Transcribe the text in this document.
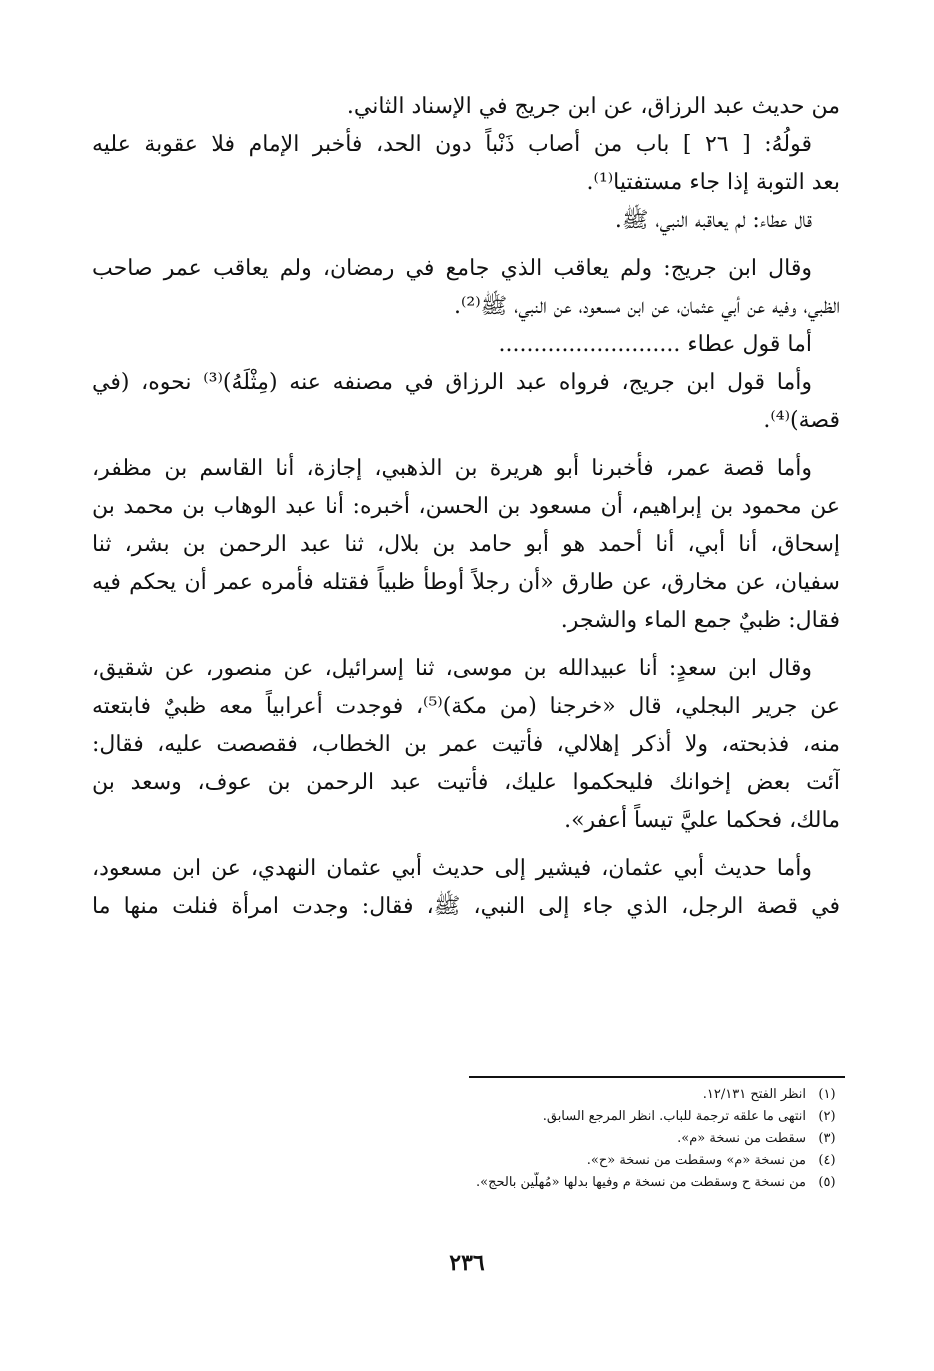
من حديث عبد الرزاق، عن ابن جريج في الإسناد الثاني.
قولُهُ: [ ٢٦ ] باب من أصاب ذَنْباً دون الحد، فأخبر الإمام فلا عقوبة عليه
بعد التوبة إذا جاء مستفتيا⁽¹⁾.
قال عطاء: لم يعاقبه النبي، ﷺ.
وقال ابن جريج: ولم يعاقب الذي جامع في رمضان، ولم يعاقب عمر صاحب
الظبي، وفيه عن أبي عثمان، عن ابن مسعود، عن النبي، ﷺ⁽²⁾.
أما قول عطاء ..........................
وأما قول ابن جريج، فرواه عبد الرزاق في مصنفه عنه (مِثْلَهُ)⁽³⁾ نحوه، (في
قصة)⁽⁴⁾.
وأما قصة عمر، فأخبرنا أبو هريرة بن الذهبي، إجازة، أنا القاسم بن مظفر،
عن محمود بن إبراهيم، أن مسعود بن الحسن، أخبره: أنا عبد الوهاب بن محمد بن
إسحاق، أنا أبي، أنا أحمد هو أبو حامد بن بلال، ثنا عبد الرحمن بن بشر، ثنا
سفيان، عن مخارق، عن طارق «أن رجلاً أوطأ ظبياً فقتله فأمره عمر أن يحكم فيه
فقال: ظبيٌ جمع الماء والشجر.
وقال ابن سعدٍ: أنا عبيدالله بن موسى، ثنا إسرائيل، عن منصور، عن شقيق،
عن جرير البجلي، قال «خرجنا (من مكة)⁽⁵⁾، فوجدت أعرابياً معه ظبيٌ فابتعته
منه، فذبحته، ولا أذكر إهلالي، فأتيت عمر بن الخطاب، فقصصت عليه، فقال:
آئت بعض إخوانك فليحكموا عليك، فأتيت عبد الرحمن بن عوف، وسعد بن
مالك، فحكما عليَّ تيساً أعفر».
وأما حديث أبي عثمان، فيشير إلى حديث أبي عثمان النهدي، عن ابن مسعود،
في قصة الرجل، الذي جاء إلى النبي، ﷺ، فقال: وجدت امرأة فنلت منها ما
(١)انظر الفتح ١٢/١٣١.
(٢)انتهى ما علقه ترجمة للباب. انظر المرجع السابق.
(٣)سقطت من نسخة «م».
(٤)من نسخة «م» وسقطت من نسخة «ح».
(٥)من نسخة ح وسقطت من نسخة م وفيها بدلها «مُهلّين بالحج».
٢٣٦
